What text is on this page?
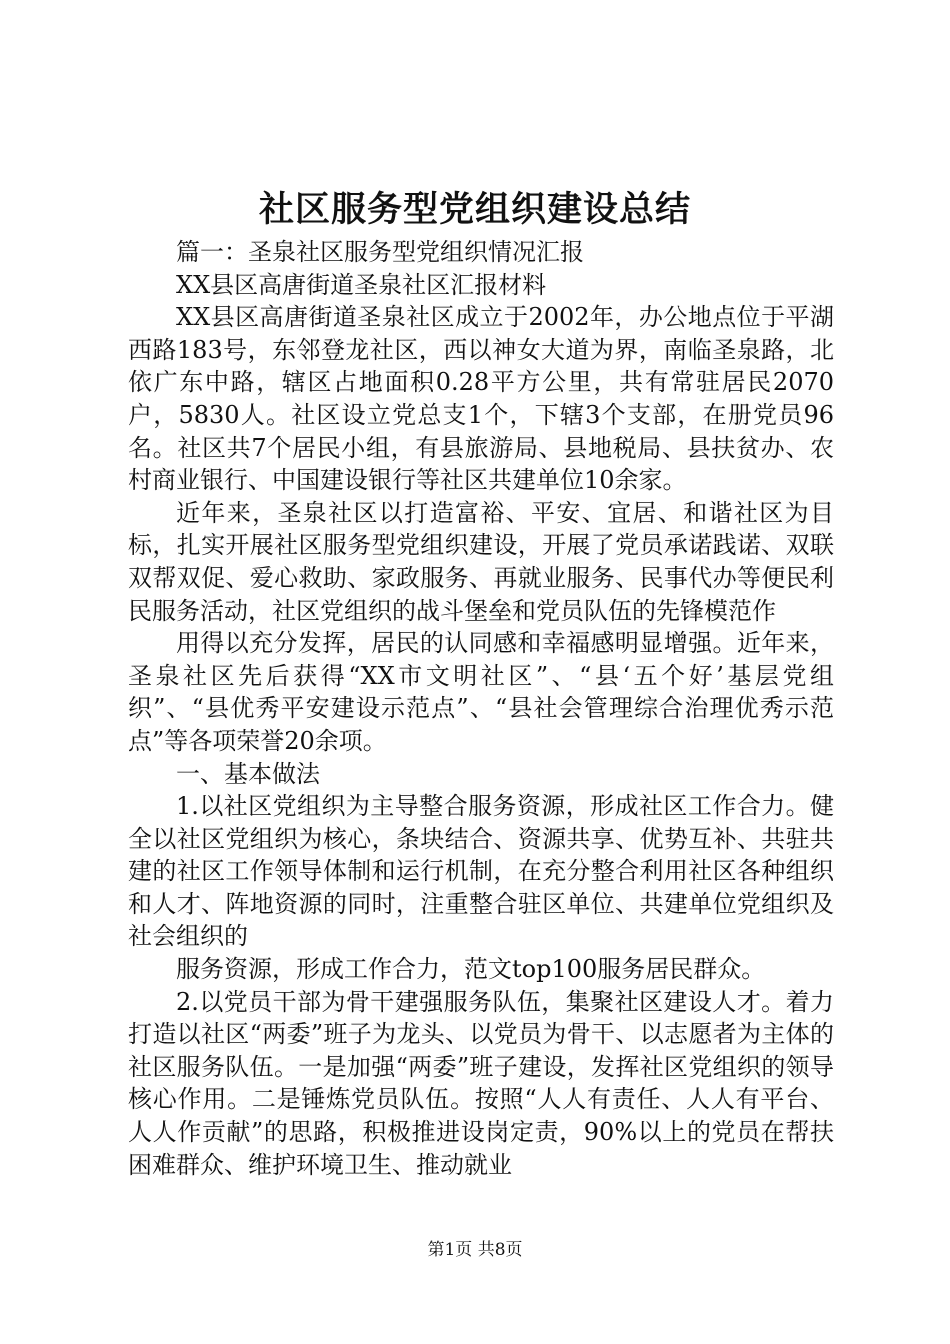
社区服务型党组织建设总结

篇一：圣泉社区服务型党组织情况汇报

XX县区高唐街道圣泉社区汇报材料

XX县区高唐街道圣泉社区成立于2002年，办公地点位于平湖西路183号，东邻登龙社区，西以神女大道为界，南临圣泉路，北依广东中路，辖区占地面积0.28平方公里，共有常驻居民2070户，5830人。社区设立党总支1个，下辖3个支部，在册党员96名。社区共7个居民小组，有县旅游局、县地税局、县扶贫办、农村商业银行、中国建设银行等社区共建单位10余家。

近年来，圣泉社区以打造富裕、平安、宜居、和谐社区为目标，扎实开展社区服务型党组织建设，开展了党员承诺践诺、双联双帮双促、爱心救助、家政服务、再就业服务、民事代办等便民利民服务活动，社区党组织的战斗堡垒和党员队伍的先锋模范作

用得以充分发挥，居民的认同感和幸福感明显增强。近年来，圣泉社区先后获得“XX市文明社区”、“县‘五个好’基层党组织”、“县优秀平安建设示范点”、“县社会管理综合治理优秀示范点”等各项荣誉20余项。

一、基本做法

1.以社区党组织为主导整合服务资源，形成社区工作合力。健全以社区党组织为核心，条块结合、资源共享、优势互补、共驻共建的社区工作领导体制和运行机制，在充分整合利用社区各种组织和人才、阵地资源的同时，注重整合驻区单位、共建单位党组织及社会组织的

服务资源，形成工作合力，范文top100服务居民群众。

2.以党员干部为骨干建强服务队伍，集聚社区建设人才。着力打造以社区“两委”班子为龙头、以党员为骨干、以志愿者为主体的社区服务队伍。一是加强“两委”班子建设，发挥社区党组织的领导核心作用。二是锤炼党员队伍。按照“人人有责任、人人有平台、人人作贡献”的思路，积极推进设岗定责，90%以上的党员在帮扶困难群众、维护环境卫生、推动就业

第1页 共8页
